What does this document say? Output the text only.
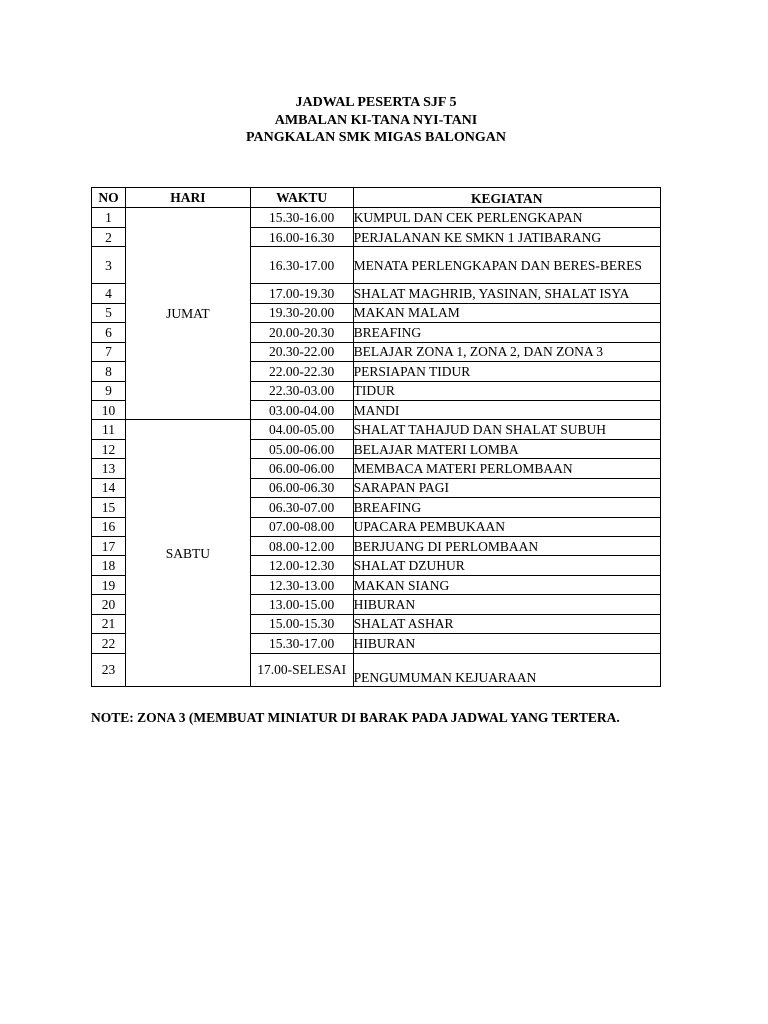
JADWAL PESERTA SJF 5
AMBALAN KI-TANA NYI-TANI
PANGKALAN SMK MIGAS BALONGAN
NO	HARI	WAKTU	KEGIATAN
1	JUMAT	15.30-16.00	KUMPUL DAN CEK PERLENGKAPAN
2		16.00-16.30	PERJALANAN KE SMKN 1 JATIBARANG
3		16.30-17.00	MENATA PERLENGKAPAN DAN BERES-BERES
4		17.00-19.30	SHALAT MAGHRIB, YASINAN, SHALAT ISYA
5		19.30-20.00	MAKAN MALAM
6		20.00-20.30	BREAFING
7		20.30-22.00	BELAJAR ZONA 1, ZONA 2, DAN ZONA 3
8		22.00-22.30	PERSIAPAN TIDUR
9		22.30-03.00	TIDUR
10		03.00-04.00	MANDI
11	SABTU	04.00-05.00	SHALAT TAHAJUD DAN SHALAT SUBUH
12		05.00-06.00	BELAJAR MATERI LOMBA
13		06.00-06.00	MEMBACA MATERI PERLOMBAAN
14		06.00-06.30	SARAPAN PAGI
15		06.30-07.00	BREAFING
16		07.00-08.00	UPACARA PEMBUKAAN
17		08.00-12.00	BERJUANG DI PERLOMBAAN
18		12.00-12.30	SHALAT DZUHUR
19		12.30-13.00	MAKAN SIANG
20		13.00-15.00	HIBURAN
21		15.00-15.30	SHALAT ASHAR
22		15.30-17.00	HIBURAN
23		17.00-SELESAI	PENGUMUMAN KEJUARAAN
NOTE: ZONA 3 (MEMBUAT MINIATUR DI BARAK PADA JADWAL YANG TERTERA.
